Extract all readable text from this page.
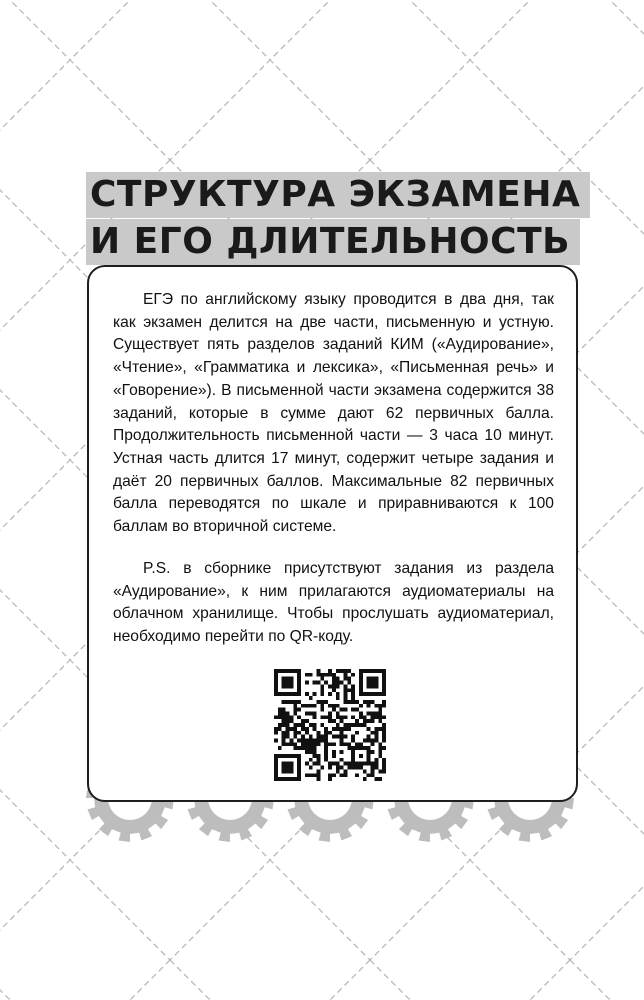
СТРУКТУРА ЭКЗАМЕНА
И ЕГО ДЛИТЕЛЬНОСТЬ

ЕГЭ по английскому языку проводится в два дня, так как экзамен делится на две части, письменную и устную. Существует пять разделов заданий КИМ («Аудирование», «Чтение», «Грамматика и лексика», «Письменная речь» и «Говорение»). В письменной части экзамена содержится 38 заданий, которые в сумме дают 62 первичных балла. Продолжительность письменной части — 3 часа 10 минут. Устная часть длится 17 минут, содержит четыре задания и даёт 20 первичных баллов. Максимальные 82 первичных балла переводятся по шкале и приравниваются к 100 баллам во вторичной системе.

P.S. в сборнике присутствуют задания из раздела «Аудирование», к ним прилагаются аудиоматериалы на облачном хранилище. Чтобы прослушать аудиоматериал, необходимо перейти по QR-коду.
